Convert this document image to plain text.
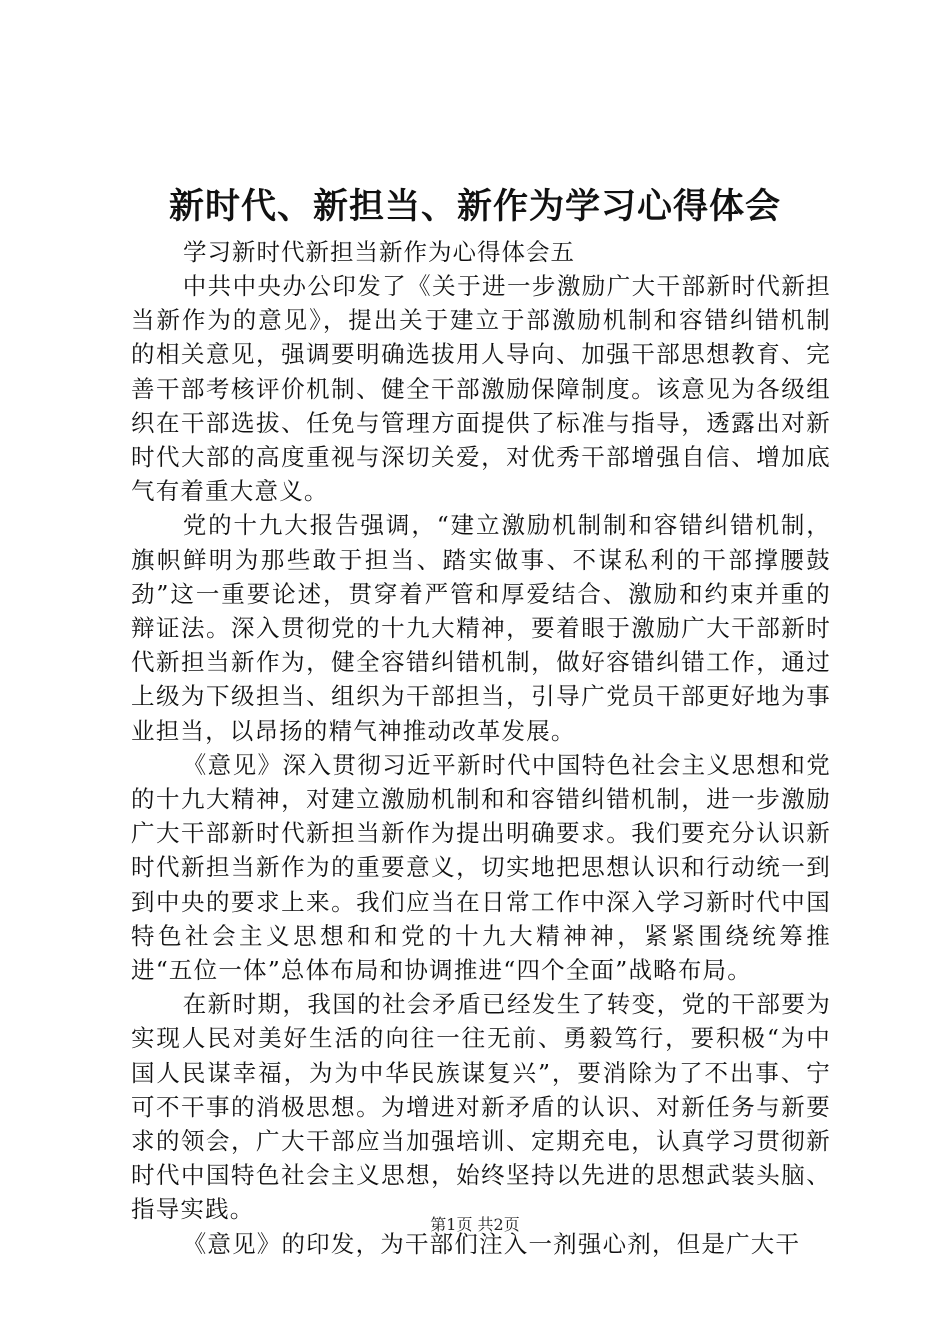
新时代、新担当、新作为学习心得体会
学习新时代新担当新作为心得体会五

中共中央办公印发了《关于进一步激励广大干部新时代新担当新作为的意见》，提出关于建立于部激励机制和容错纠错机制的相关意见，强调要明确选拔用人导向、加强干部思想教育、完善干部考核评价机制、健全干部激励保障制度。该意见为各级组织在干部选拔、任免与管理方面提供了标准与指导，透露出对新时代大部的高度重视与深切关爱，对优秀干部增强自信、增加底气有着重大意义。

党的十九大报告强调，“建立激励机制制和容错纠错机制，旗帜鲜明为那些敢于担当、踏实做事、不谋私利的干部撑腰鼓劲”这一重要论述，贯穿着严管和厚爱结合、激励和约束并重的辩证法。深入贯彻党的十九大精神，要着眼于激励广大干部新时代新担当新作为，健全容错纠错机制，做好容错纠错工作，通过上级为下级担当、组织为干部担当，引导广党员干部更好地为事业担当，以昂扬的精气神推动改革发展。

《意见》深入贯彻习近平新时代中国特色社会主义思想和党的十九大精神，对建立激励机制和和容错纠错机制，进一步激励广大干部新时代新担当新作为提出明确要求。我们要充分认识新时代新担当新作为的重要意义，切实地把思想认识和行动统一到到中央的要求上来。我们应当在日常工作中深入学习新时代中国特色社会主义思想和和党的十九大精神神，紧紧围绕统筹推进“五位一体”总体布局和协调推进“四个全面”战略布局。

在新时期，我国的社会矛盾已经发生了转变，党的干部要为实现人民对美好生活的向往一往无前、勇毅笃行，要积极“为中国人民谋幸福，为为中华民族谋复兴”，要消除为了不出事、宁可不干事的消极思想。为增进对新矛盾的认识、对新任务与新要求的领会，广大干部应当加强培训、定期充电，认真学习贯彻新时代中国特色社会主义思想，始终坚持以先进的思想武装头脑、指导实践。

《意见》的印发，为干部们注入一剂强心剂，但是广大干

第1页 共2页
